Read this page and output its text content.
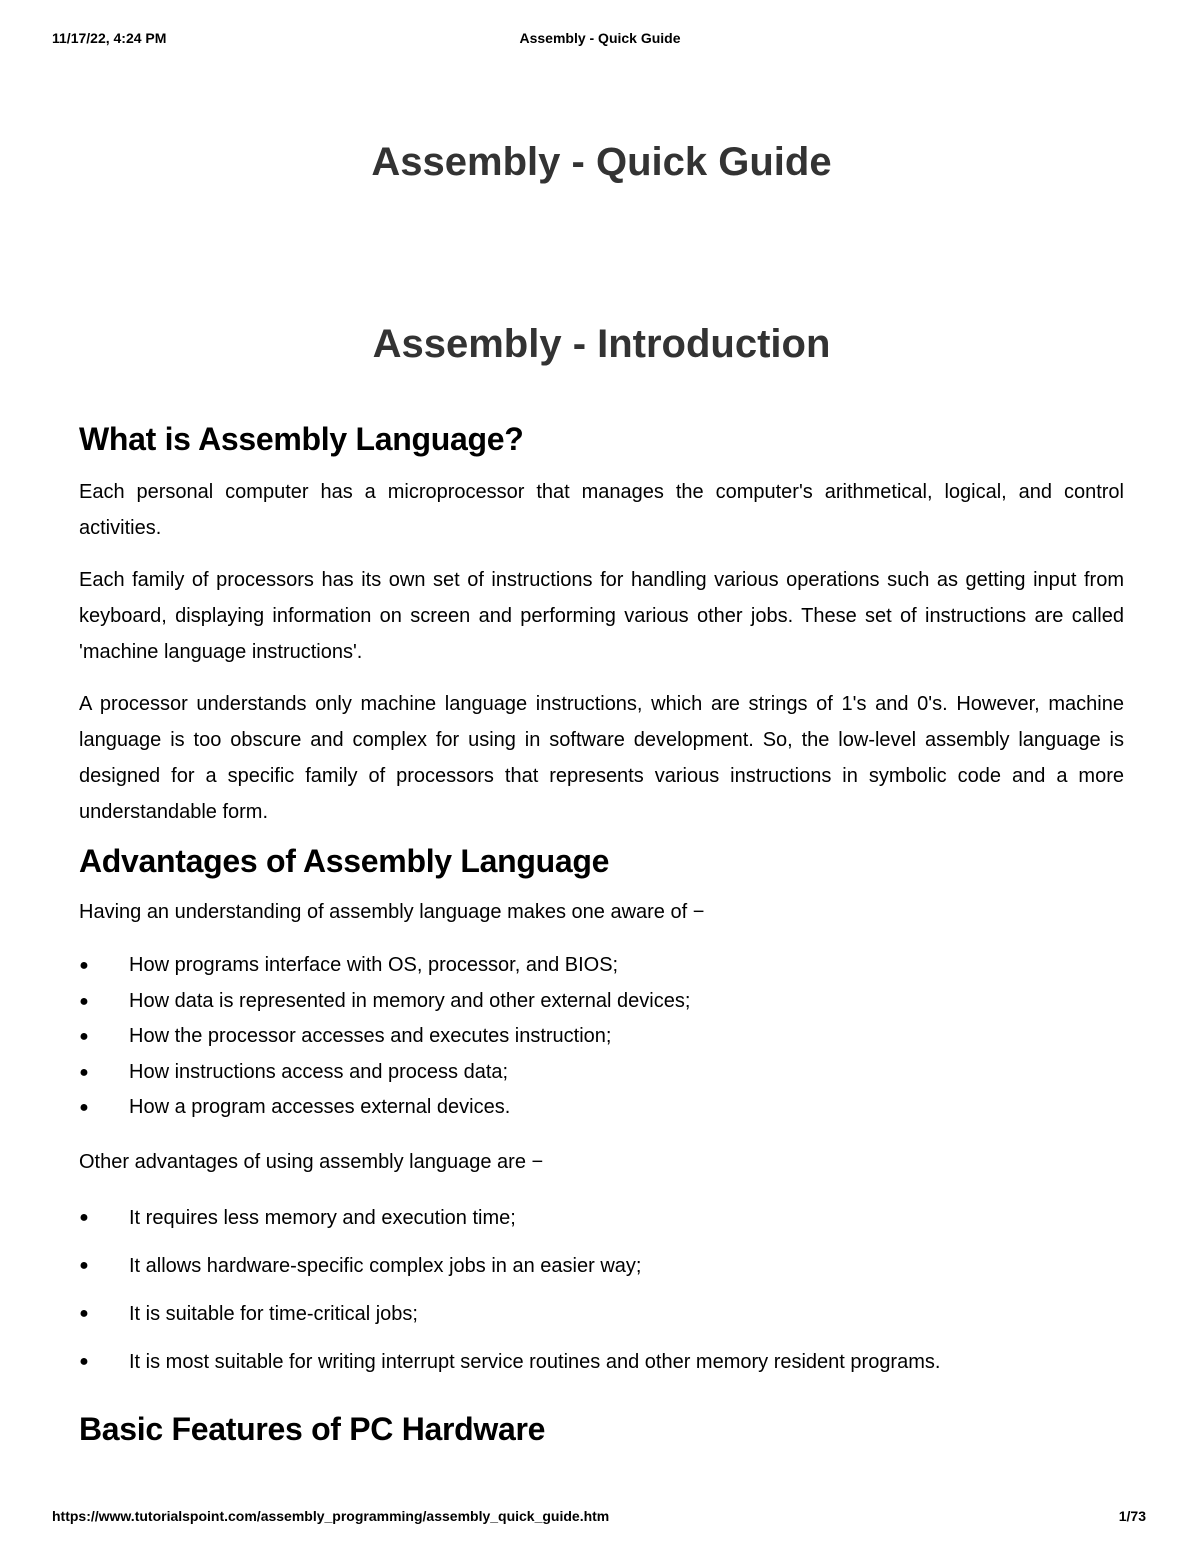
11/17/22, 4:24 PM	Assembly - Quick Guide
Assembly - Quick Guide
Assembly - Introduction
What is Assembly Language?

Each personal computer has a microprocessor that manages the computer's arithmetical, logical, and control activities.

Each family of processors has its own set of instructions for handling various operations such as getting input from keyboard, displaying information on screen and performing various other jobs. These set of instructions are called 'machine language instructions'.

A processor understands only machine language instructions, which are strings of 1's and 0's. However, machine language is too obscure and complex for using in software development. So, the low-level assembly language is designed for a specific family of processors that represents various instructions in symbolic code and a more understandable form.

Advantages of Assembly Language

Having an understanding of assembly language makes one aware of −

● How programs interface with OS, processor, and BIOS;
● How data is represented in memory and other external devices;
● How the processor accesses and executes instruction;
● How instructions access and process data;
● How a program accesses external devices.

Other advantages of using assembly language are −

● It requires less memory and execution time;
● It allows hardware-specific complex jobs in an easier way;
● It is suitable for time-critical jobs;
● It is most suitable for writing interrupt service routines and other memory resident programs.
Basic Features of PC Hardware
https://www.tutorialspoint.com/assembly_programming/assembly_quick_guide.htm	1/73
